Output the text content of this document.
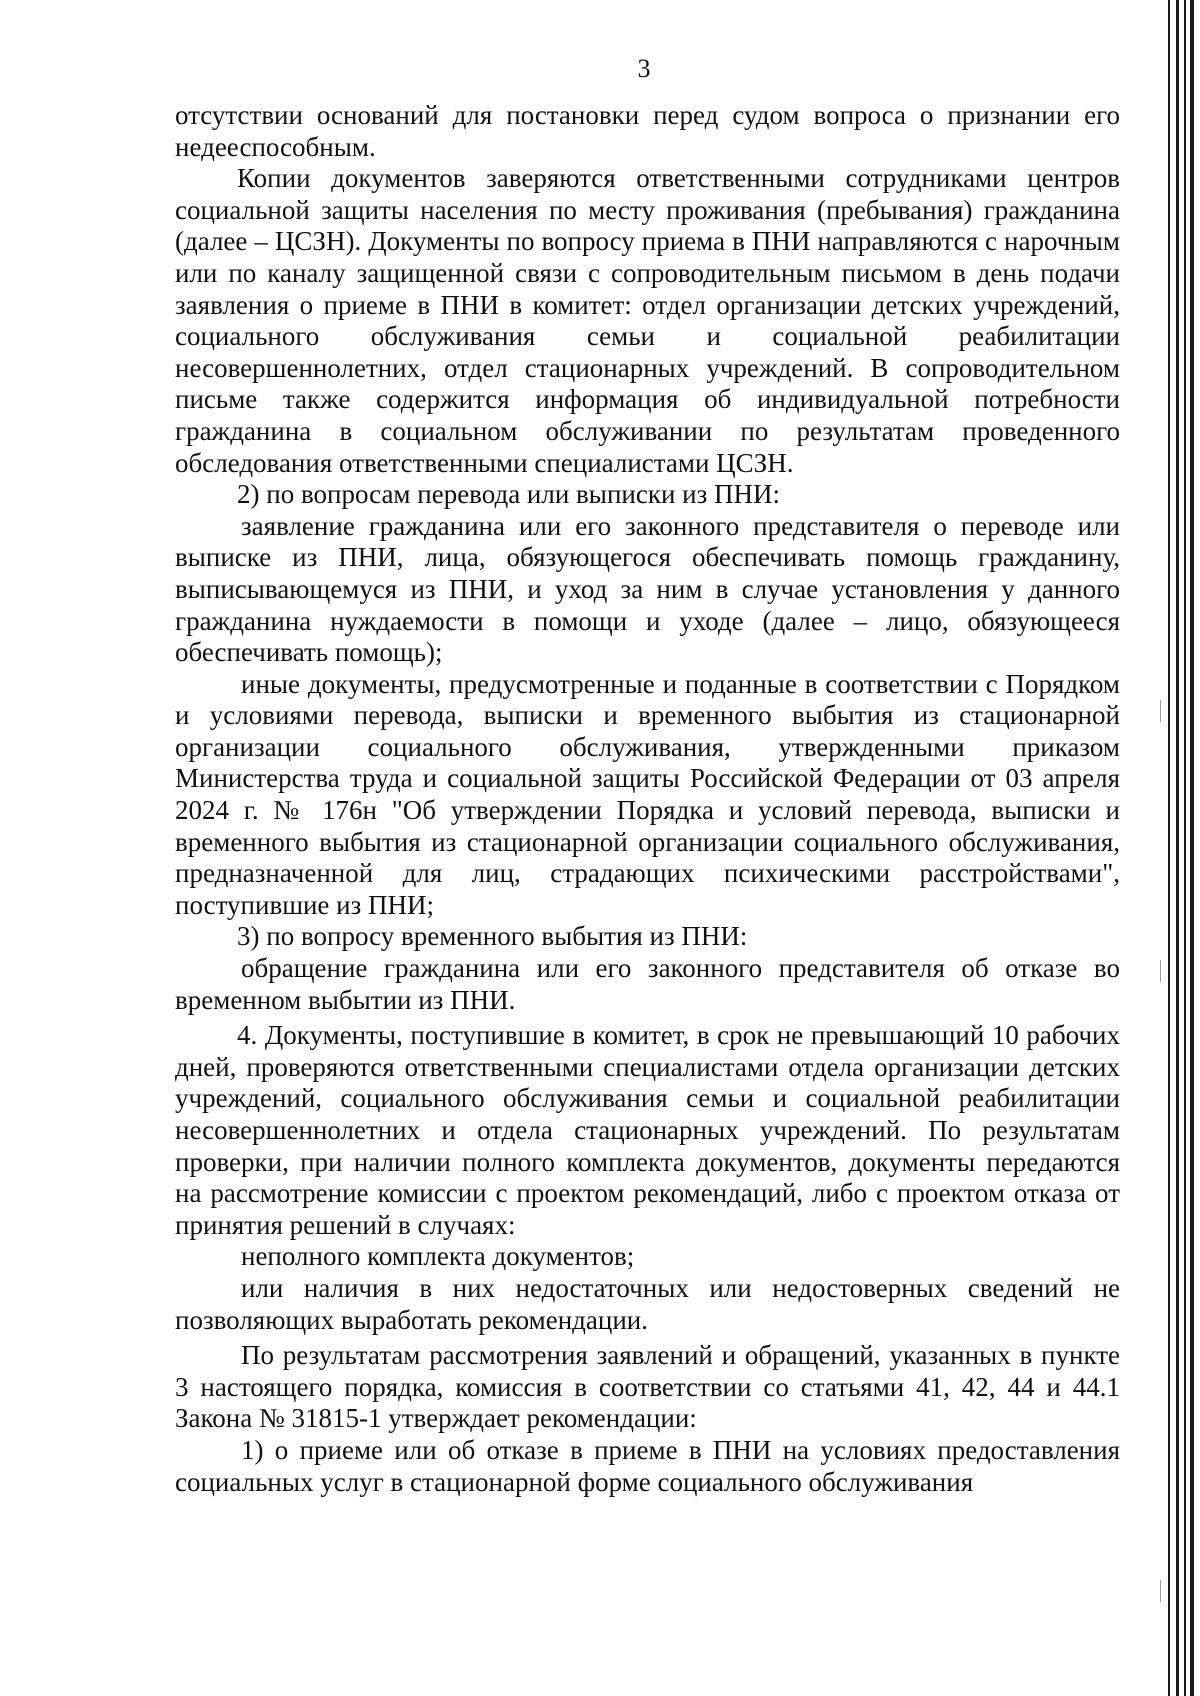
3

отсутствии оснований для постановки перед судом вопроса о признании его недееспособным.

Копии документов заверяются ответственными сотрудниками центров социальной защиты населения по месту проживания (пребывания) гражданина (далее – ЦСЗН). Документы по вопросу приема в ПНИ направляются с нарочным или по каналу защищенной связи с сопроводительным письмом в день подачи заявления о приеме в ПНИ в комитет: отдел организации детских учреждений, социального обслуживания семьи и социальной реабилитации несовершеннолетних, отдел стационарных учреждений. В сопроводительном письме также содержится информация об индивидуальной потребности гражданина в социальном обслуживании по результатам проведенного обследования ответственными специалистами ЦСЗН.

2) по вопросам перевода или выписки из ПНИ:

заявление гражданина или его законного представителя о переводе или выписке из ПНИ, лица, обязующегося обеспечивать помощь гражданину, выписывающемуся из ПНИ, и уход за ним в случае установления у данного гражданина нуждаемости в помощи и уходе (далее – лицо, обязующееся обеспечивать помощь);

иные документы, предусмотренные и поданные в соответствии с Порядком и условиями перевода, выписки и временного выбытия из стационарной организации социального обслуживания, утвержденными приказом Министерства труда и социальной защиты Российской Федерации от 03 апреля 2024 г. № 176н "Об утверждении Порядка и условий перевода, выписки и временного выбытия из стационарной организации социального обслуживания, предназначенной для лиц, страдающих психическими расстройствами", поступившие из ПНИ;

3) по вопросу временного выбытия из ПНИ:

обращение гражданина или его законного представителя об отказе во временном выбытии из ПНИ.

4. Документы, поступившие в комитет, в срок не превышающий 10 рабочих дней, проверяются ответственными специалистами отдела организации детских учреждений, социального обслуживания семьи и социальной реабилитации несовершеннолетних и отдела стационарных учреждений. По результатам проверки, при наличии полного комплекта документов, документы передаются на рассмотрение комиссии с проектом рекомендаций, либо с проектом отказа от принятия решений в случаях:

неполного комплекта документов;

или наличия в них недостаточных или недостоверных сведений не позволяющих выработать рекомендации.

По результатам рассмотрения заявлений и обращений, указанных в пункте 3 настоящего порядка, комиссия в соответствии со статьями 41, 42, 44 и 44.1 Закона № 31815-1 утверждает рекомендации:

1) о приеме или об отказе в приеме в ПНИ на условиях предоставления социальных услуг в стационарной форме социального обслуживания
